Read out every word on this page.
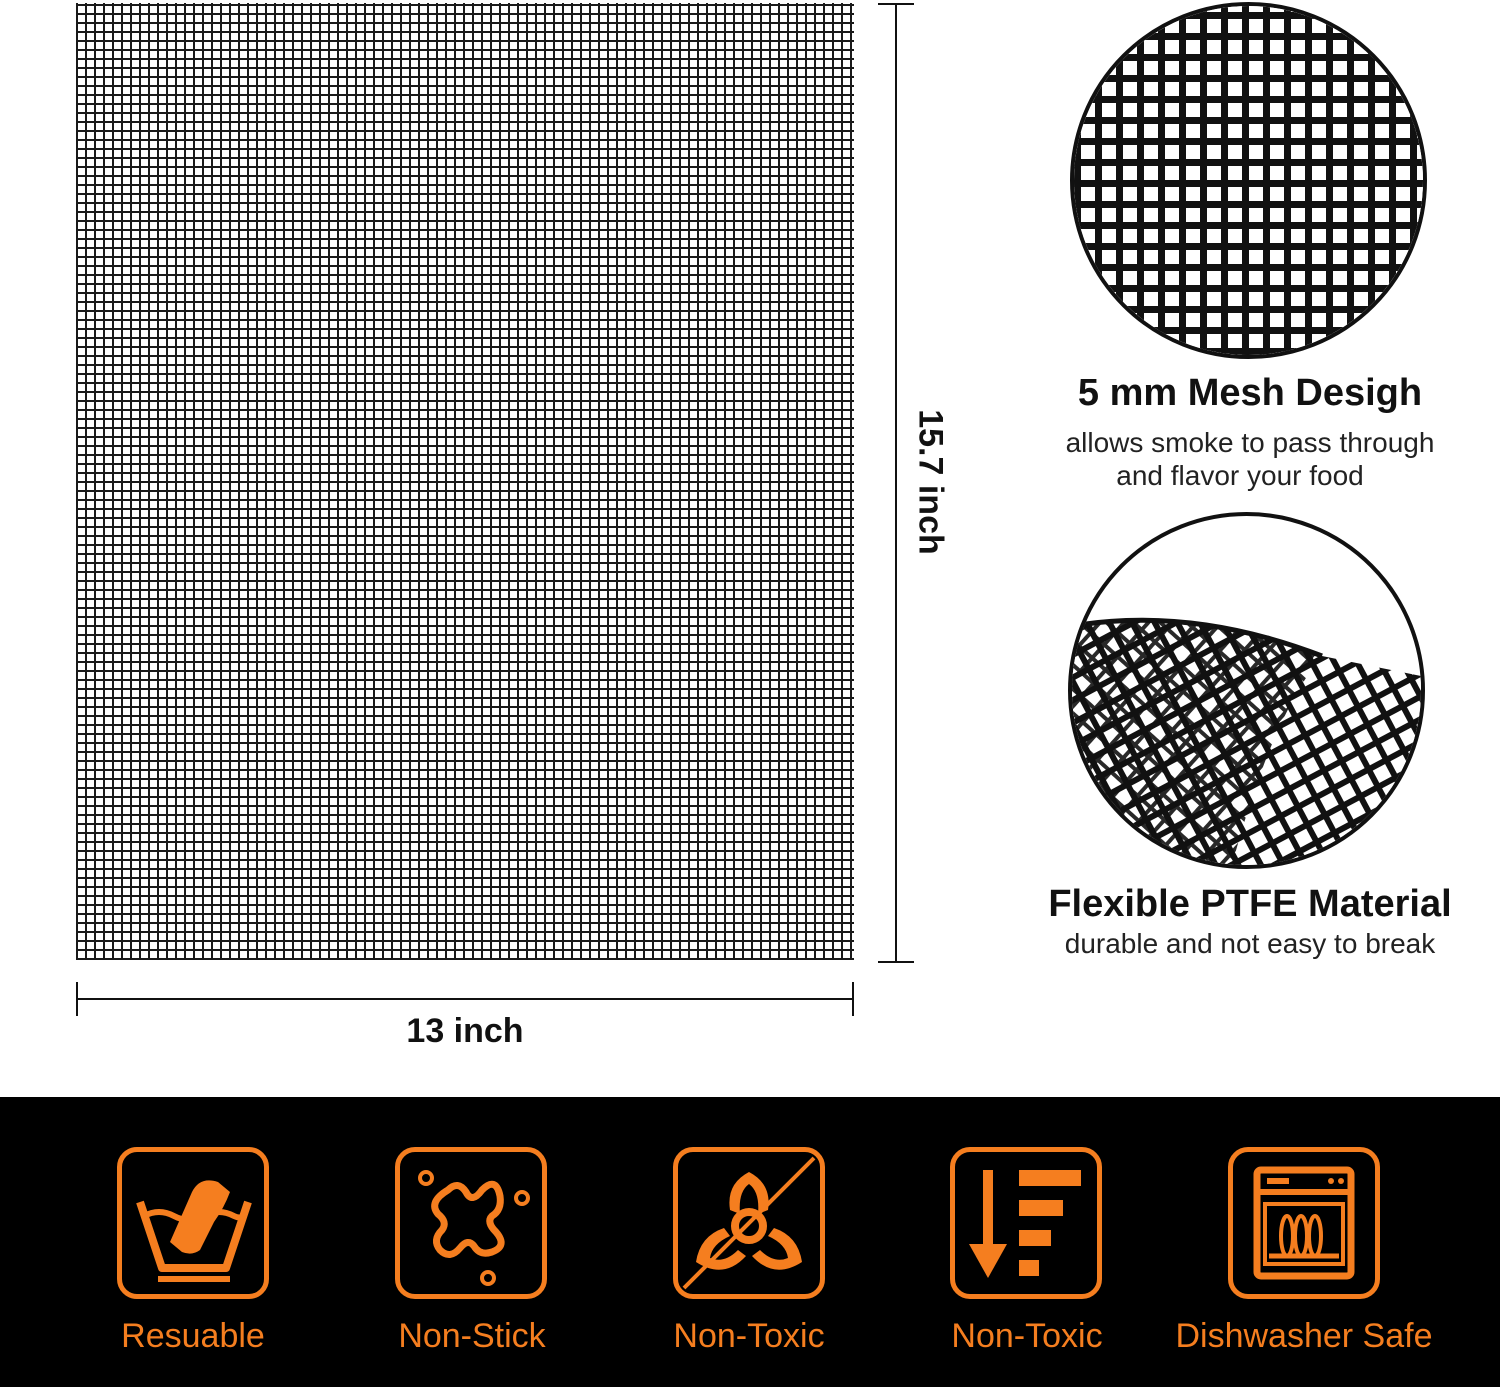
13 inch
15.7 inch
5 mm Mesh Desigh
allows smoke to pass through
and flavor your food
Flexible PTFE Material
durable and not easy to break
Resuable	Non-Stick	Non-Toxic	Non-Toxic	Dishwasher Safe
